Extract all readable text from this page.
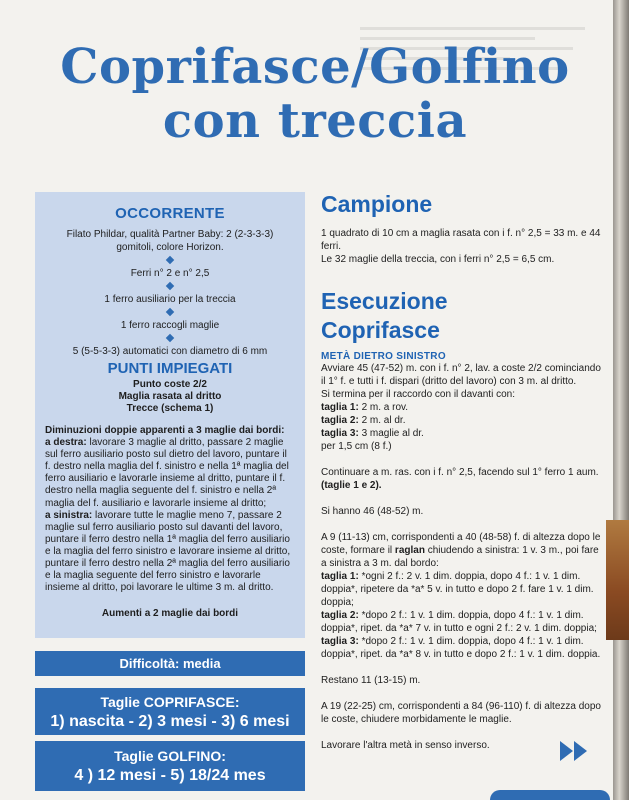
Coprifasce/Golfino
con treccia
OCCORRENTE
Filato Phildar, qualità Partner Baby: 2 (2-3-3-3) gomitoli, colore Horizon.
Ferri n° 2 e n° 2,5
1 ferro ausiliario per la treccia
1 ferro raccogli maglie
5 (5-5-3-3) automatici con diametro di 6 mm
PUNTI IMPIEGATI
Punto coste 2/2
Maglia rasata al dritto
Trecce (schema 1)
Diminuzioni doppie apparenti a 3 maglie dai bordi:
a destra: lavorare 3 maglie al dritto, passare 2 maglie sul ferro ausiliario posto sul dietro del lavoro, puntare il f. destro nella maglia del f. sinistro e nella 1ª maglia del ferro ausiliario e lavorarle insieme al dritto, puntare il f. destro nella maglia seguente del f. sinistro e nella 2ª maglia del f. ausiliario e lavorarle insieme al dritto;
a sinistra: lavorare tutte le maglie meno 7, passare 2 maglie sul ferro ausiliario posto sul davanti del lavoro, puntare il ferro destro nella 1ª maglia del ferro ausiliario e la maglia del ferro sinistro e lavorare insieme al dritto, puntare il ferro destro nella 2ª maglia del ferro ausiliario e la maglia seguente del ferro sinistro e lavorarle insieme al dritto, poi lavorare le ultime 3 m. al dritto.
Aumenti a 2 maglie dai bordi
Difficoltà: media
Taglie COPRIFASCE:
1) nascita - 2) 3 mesi - 3) 6 mesi
Taglie GOLFINO:
4 ) 12 mesi - 5) 18/24 mes
Campione

1 quadrato di 10 cm a maglia rasata con i f. n° 2,5 = 33 m. e 44 ferri.

Le 32 maglie della treccia, con i ferri n° 2,5 = 6,5 cm.

Esecuzione
Coprifasce
METÀ DIETRO SINISTRO

Avviare 45 (47-52) m. con i f. n° 2, lav. a coste 2/2 cominciando il 1° f. e tutti i f. dispari (dritto del lavoro) con 3 m. al dritto.

Si termina per il raccordo con il davanti con:

taglia 1: 2 m. a rov.

taglia 2: 2 m. al dr.

taglia 3: 3 maglie al dr.

per 1,5 cm (8 f.)

Continuare a m. ras. con i f. n° 2,5, facendo sul 1° ferro 1 aum. (taglie 1 e 2).

Si hanno 46 (48-52) m.

A 9 (11-13) cm, corrispondenti a 40 (48-58) f. di altezza dopo le coste, formare il raglan chiudendo a sinistra: 1 v. 3 m., poi fare a sinistra a 3 m. dal bordo:

taglia 1: *ogni 2 f.: 2 v. 1 dim. doppia, dopo 4 f.: 1 v. 1 dim. doppia*, ripetere da *a* 5 v. in tutto e dopo 2 f. fare 1 v. 1 dim. doppia;

taglia 2: *dopo 2 f.: 1 v. 1 dim. doppia, dopo 4 f.: 1 v. 1 dim. doppia*, ripet. da *a* 7 v. in tutto e ogni 2 f.: 2 v. 1 dim. doppia;

taglia 3: *dopo 2 f.: 1 v. 1 dim. doppia, dopo 4 f.: 1 v. 1 dim. doppia*, ripet. da *a* 8 v. in tutto e dopo 2 f.: 1 v. 1 dim. doppia.

Restano 11 (13-15) m.

A 19 (22-25) cm, corrispondenti a 84 (96-110) f. di altezza dopo le coste, chiudere morbidamente le maglie.

Lavorare l'altra metà in senso inverso.
